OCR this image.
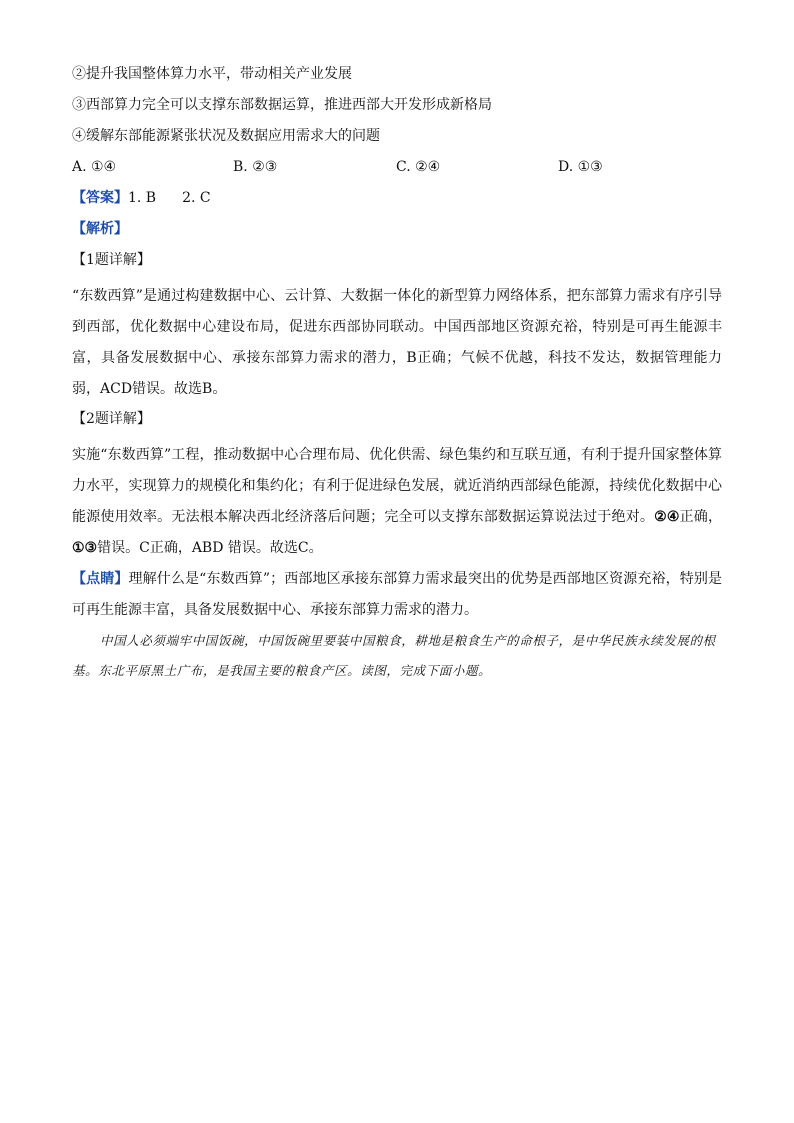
②提升我国整体算力水平，带动相关产业发展

③西部算力完全可以支撑东部数据运算，推进西部大开发形成新格局

④缓解东部能源紧张状况及数据应用需求大的问题

A. ①④	B. ②③	C. ②④	D. ①③

【答案】1. B 2. C

【解析】

【1题详解】

“东数西算”是通过构建数据中心、云计算、大数据一体化的新型算力网络体系，把东部算力需求有序引导到西部，优化数据中心建设布局，促进东西部协同联动。中国西部地区资源充裕，特别是可再生能源丰富，具备发展数据中心、承接东部算力需求的潜力，B正确；气候不优越，科技不发达，数据管理能力弱，ACD错误。故选B。

【2题详解】

实施“东数西算”工程，推动数据中心合理布局、优化供需、绿色集约和互联互通，有利于提升国家整体算力水平，实现算力的规模化和集约化；有利于促进绿色发展，就近消纳西部绿色能源，持续优化数据中心能源使用效率。无法根本解决西北经济落后问题；完全可以支撑东部数据运算说法过于绝对。②④正确，①③错误。C正确，ABD 错误。故选C。

【点睛】理解什么是“东数西算”；西部地区承接东部算力需求最突出的优势是西部地区资源充裕，特别是可再生能源丰富，具备发展数据中心、承接东部算力需求的潜力。

中国人必须端牢中国饭碗，中国饭碗里要装中国粮食，耕地是粮食生产的命根子，是中华民族永续发展的根基。东北平原黑土广布，是我国主要的粮食产区。读图，完成下面小题。
